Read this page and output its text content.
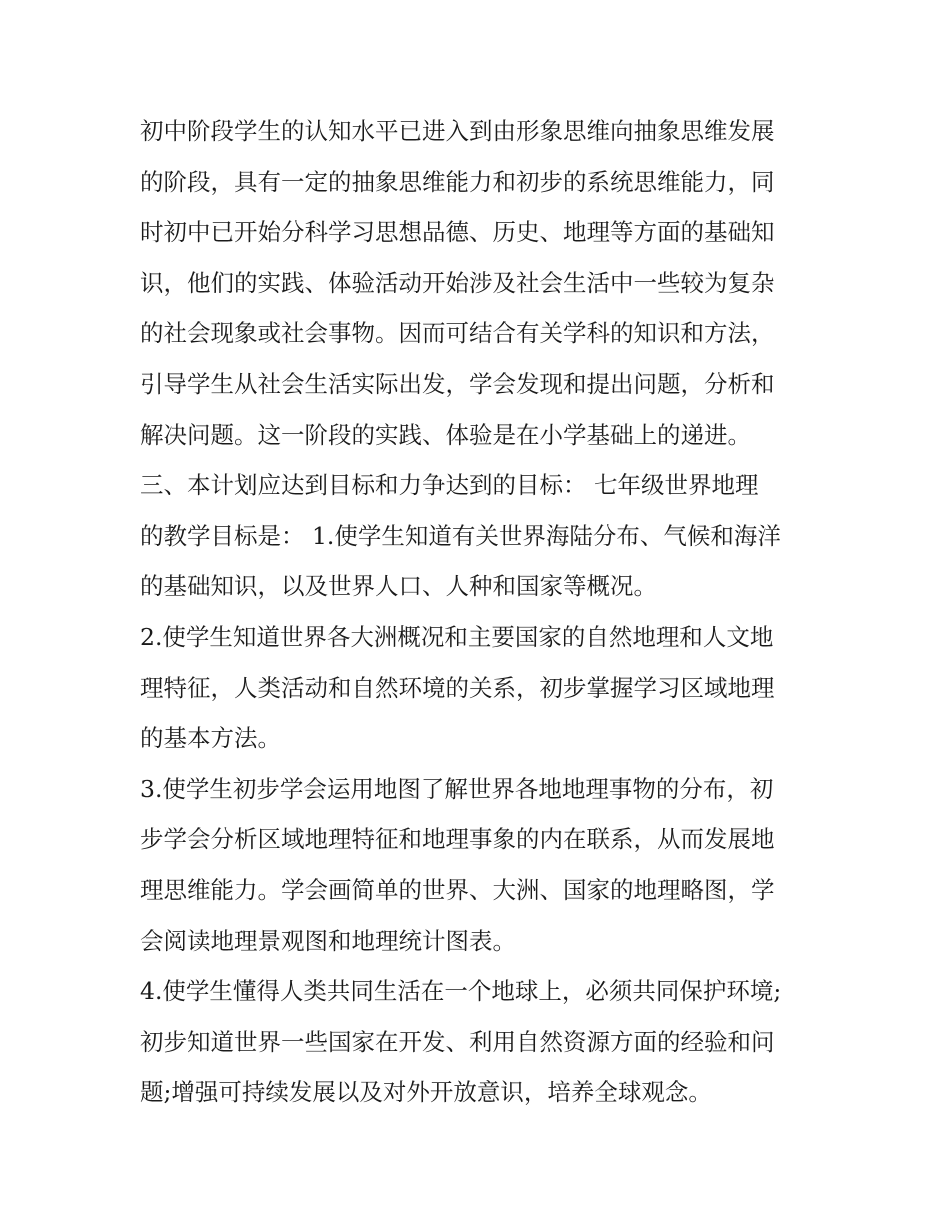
初中阶段学生的认知水平已进入到由形象思维向抽象思维发展
的阶段，具有一定的抽象思维能力和初步的系统思维能力，同
时初中已开始分科学习思想品德、历史、地理等方面的基础知
识，他们的实践、体验活动开始涉及社会生活中一些较为复杂
的社会现象或社会事物。因而可结合有关学科的知识和方法，
引导学生从社会生活实际出发，学会发现和提出问题，分析和
解决问题。这一阶段的实践、体验是在小学基础上的递进。
三、本计划应达到目标和力争达到的目标： 七年级世界地理
的教学目标是： 1.使学生知道有关世界海陆分布、气候和海洋
的基础知识，以及世界人口、人种和国家等概况。
2.使学生知道世界各大洲概况和主要国家的自然地理和人文地
理特征，人类活动和自然环境的关系，初步掌握学习区域地理
的基本方法。
3.使学生初步学会运用地图了解世界各地地理事物的分布，初
步学会分析区域地理特征和地理事象的内在联系，从而发展地
理思维能力。学会画简单的世界、大洲、国家的地理略图，学
会阅读地理景观图和地理统计图表。
4.使学生懂得人类共同生活在一个地球上，必须共同保护环境;
初步知道世界一些国家在开发、利用自然资源方面的经验和问
题;增强可持续发展以及对外开放意识，培养全球观念。
